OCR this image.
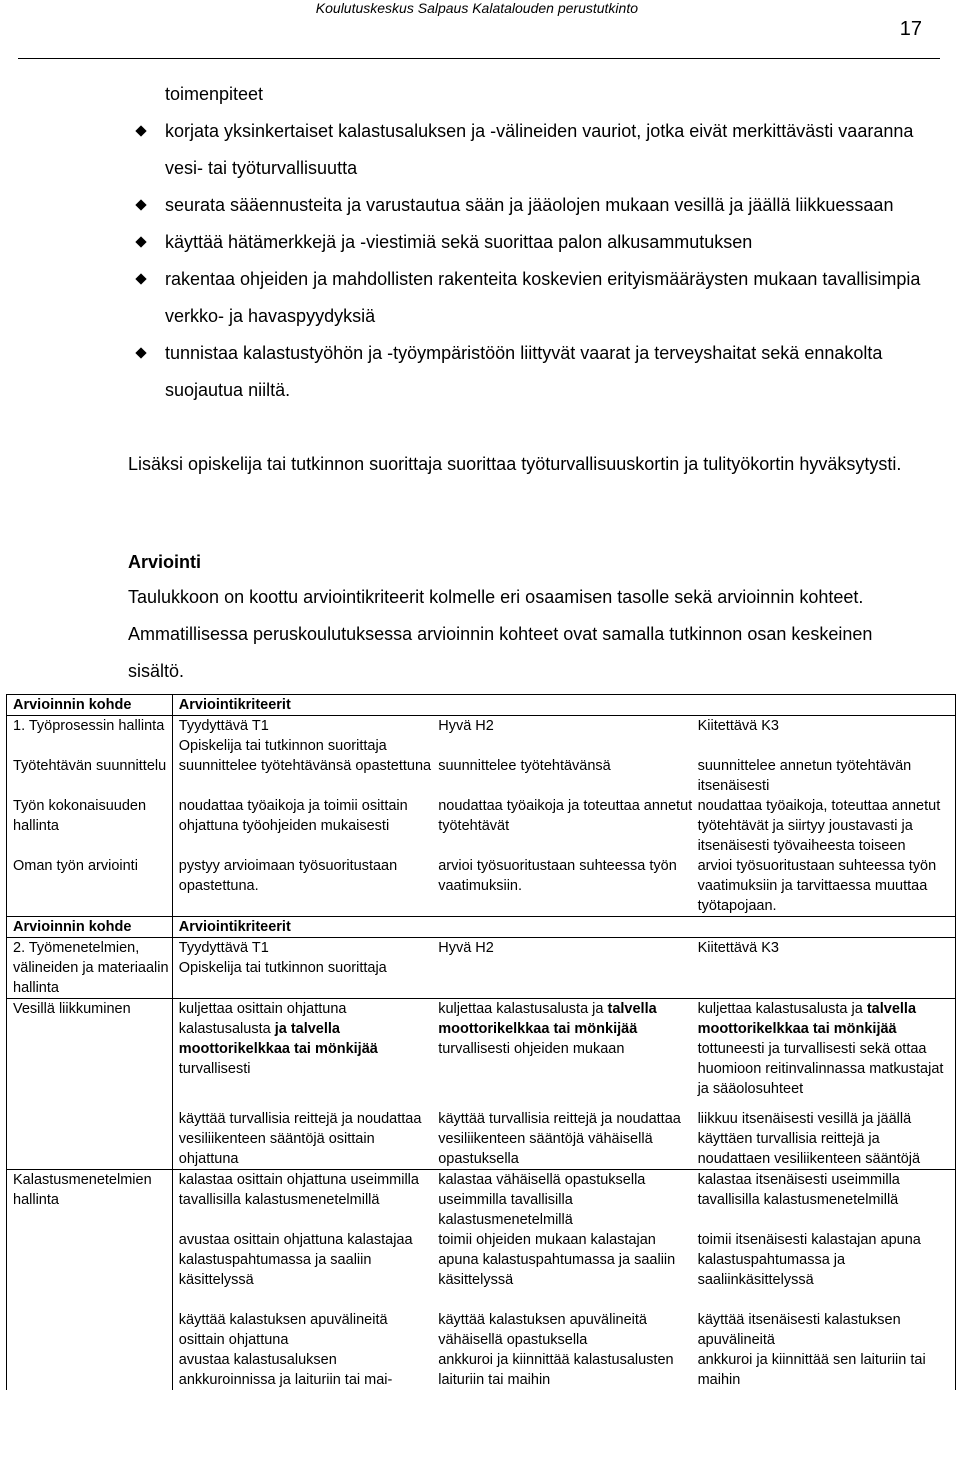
Koulutuskeskus Salpaus Kalatalouden perustutkinto
17
toimenpiteet
korjata yksinkertaiset kalastusaluksen ja -välineiden vauriot, jotka eivät merkittävästi vaaranna vesi- tai työturvallisuutta
seurata sääennusteita ja varustautua sään ja jääolojen mukaan vesillä ja jäällä liikkuessaan
käyttää hätämerkkejä ja -viestimiä sekä suorittaa palon alkusammutuksen
rakentaa ohjeiden ja mahdollisten rakenteita koskevien erityismääräysten mukaan tavallisimpia verkko- ja havaspyydyksiä
tunnistaa kalastustyöhön ja -työympäristöön liittyvät vaarat ja terveyshaitat sekä ennakolta suojautua niiltä.
Lisäksi opiskelija tai tutkinnon suorittaja suorittaa työturvallisuuskortin ja tulityökortin hyväksytysti.
Arviointi
Taulukkoon on koottu arviointikriteerit kolmelle eri osaamisen tasolle sekä arvioinnin kohteet. Ammatillisessa peruskoulutuksessa arvioinnin kohteet ovat samalla tutkinnon osan keskeinen sisältö.
Arvioinnin kohde	Arviointikriteerit		
1. Työprosessin hallinta	Tyydyttävä T1	Hyvä H2	Kiitettävä K3
	Opiskelija tai tutkinnon suorittaja		
Työtehtävän suunnittelu	suunnittelee työtehtävänsä opastettuna	suunnittelee työtehtävänsä	suunnittelee annetun työtehtävän itsenäisesti
Työn kokonaisuuden hallinta	noudattaa työaikoja ja toimii osittain ohjattuna työohjeiden mukaisesti	noudattaa työaikoja ja toteuttaa annetut työtehtävät	noudattaa työaikoja, toteuttaa annetut työtehtävät ja siirtyy joustavasti ja itsenäisesti työvaiheesta toiseen
Oman työn arviointi	pystyy arvioimaan työsuoritustaan opastettuna.	arvioi työsuoritustaan suhteessa työn vaatimuksiin.	arvioi työsuoritustaan suhteessa työn vaatimuksiin ja tarvittaessa muuttaa työtapojaan.
Arvioinnin kohde	Arviointikriteerit		
2. Työmenetelmien, välineiden ja materiaalin hallinta	Tyydyttävä T1	Hyvä H2	Kiitettävä K3
	Opiskelija tai tutkinnon suorittaja		
Vesillä liikkuminen	kuljettaa osittain ohjattuna kalastusalusta ja talvella moottorikelkkaa tai mönkijää turvallisesti	kuljettaa kalastusalusta ja talvella moottorikelkkaa tai mönkijää turvallisesti ohjeiden mukaan	kuljettaa kalastusalusta ja talvella moottorikelkkaa tai mönkijää tottuneesti ja turvallisesti sekä ottaa huomioon reitinvalinnassa matkustajat ja sääolosuhteet
	käyttää turvallisia reittejä ja noudattaa vesiliikenteen sääntöjä osittain ohjattuna	käyttää turvallisia reittejä ja noudattaa vesiliikenteen sääntöjä vähäisellä opastuksella	liikkuu itsenäisesti vesillä ja jäällä käyttäen turvallisia reittejä ja noudattaen vesiliikenteen sääntöjä
Kalastusmenetelmien hallinta	kalastaa osittain ohjattuna useimmilla tavallisilla kalastusmenetelmillä	kalastaa vähäisellä opastuksella useimmilla tavallisilla kalastusmenetelmillä	kalastaa itsenäisesti useimmilla tavallisilla kalastusmenetelmillä
	avustaa osittain ohjattuna kalastajaa kalastuspahtumassa ja saaliin käsittelyssä	toimii ohjeiden mukaan kalastajan apuna kalastuspahtumassa ja saaliin käsittelyssä	toimii itsenäisesti kalastajan apuna kalastuspahtumassa ja saaliinkäsittelyssä
	käyttää kalastuksen apuvälineitä osittain ohjattuna	käyttää kalastuksen apuvälineitä vähäisellä opastuksella	käyttää itsenäisesti kalastuksen apuvälineitä
	avustaa kalastusaluksen ankkuroinnissa ja laituriin tai mai-	ankkuroi ja kiinnittää kalastusalusten laituriin tai maihin	ankkuroi ja kiinnittää sen laituriin tai maihin
